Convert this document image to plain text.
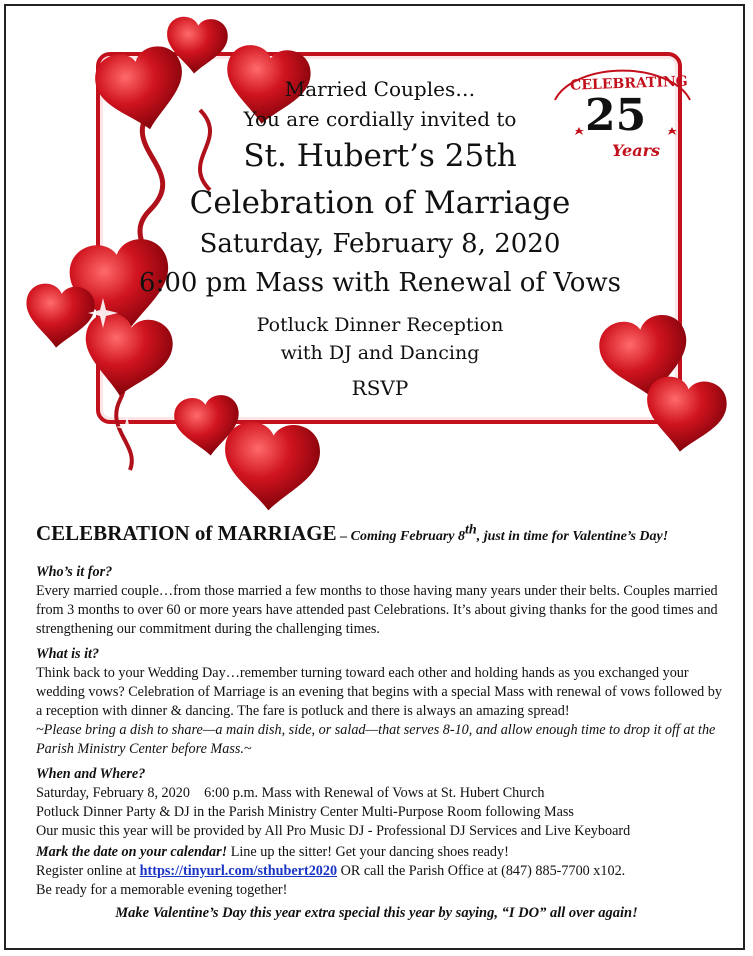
CELEBRATING
25
Years
Married Couples…
You are cordially invited to
St. Hubert’s 25th
Celebration of Marriage
Saturday, February 8, 2020
6:00 pm Mass with Renewal of Vows
Potluck Dinner Reception
with DJ and Dancing
RSVP
CELEBRATION of MARRIAGE – Coming February 8th, just in time for Valentine’s Day!

Who’s it for?

Every married couple…from those married a few months to those having many years under their belts. Couples married from 3 months to over 60 or more years have attended past Celebrations. It’s about giving thanks for the good times and strengthening our commitment during the challenging times.

What is it?

Think back to your Wedding Day…remember turning toward each other and holding hands as you exchanged your wedding vows? Celebration of Marriage is an evening that begins with a special Mass with renewal of vows followed by a reception with dinner & dancing. The fare is potluck and there is always an amazing spread!

~Please bring a dish to share—a main dish, side, or salad—that serves 8-10, and allow enough time to drop it off at the Parish Ministry Center before Mass.~

When and Where?

Saturday, February 8, 2020    6:00 p.m. Mass with Renewal of Vows at St. Hubert Church

Potluck Dinner Party & DJ in the Parish Ministry Center Multi-Purpose Room following Mass

Our music this year will be provided by All Pro Music DJ - Professional DJ Services and Live Keyboard

Mark the date on your calendar! Line up the sitter! Get your dancing shoes ready!

Register online at https://tinyurl.com/sthubert2020 OR call the Parish Office at (847) 885-7700 x102.

Be ready for a memorable evening together!

Make Valentine’s Day this year extra special this year by saying, “I DO” all over again!
